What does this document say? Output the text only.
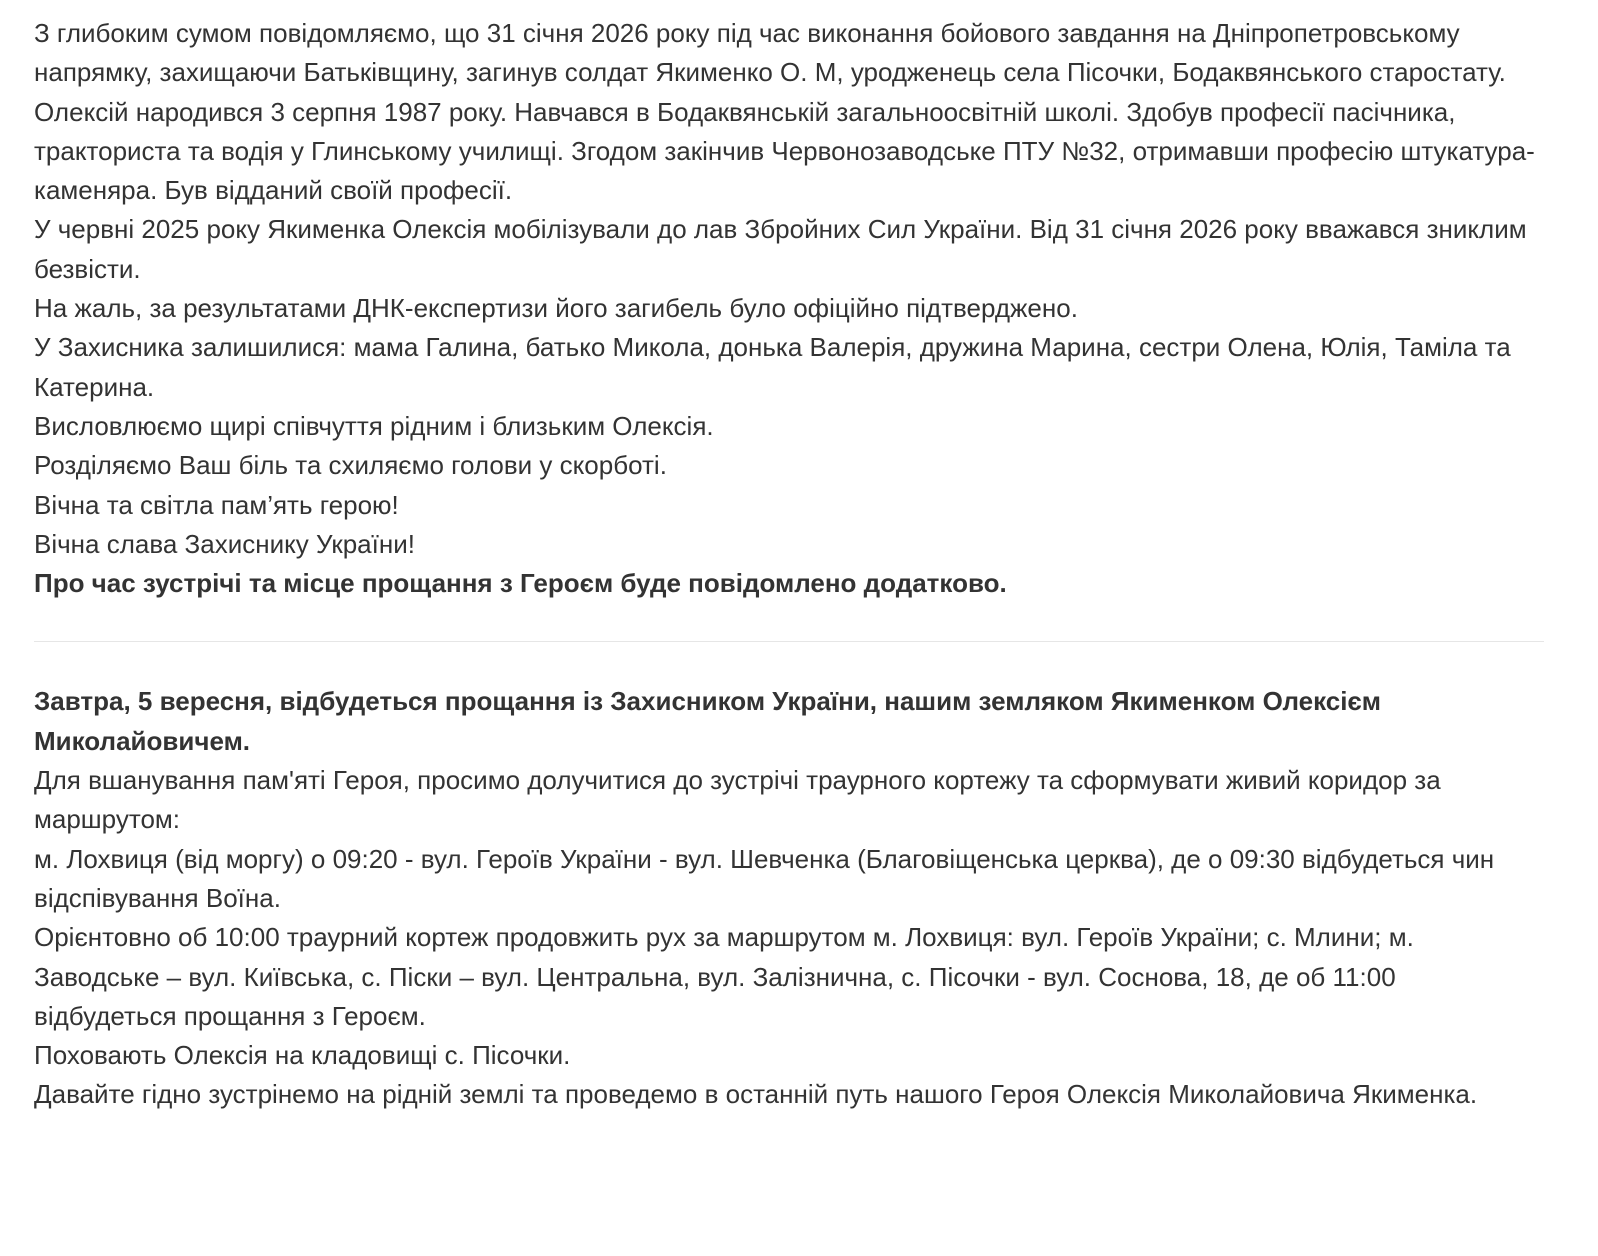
З глибоким сумом повідомляємо, що 31 січня 2026 року під час виконання бойового завдання на Дніпропетровському напрямку, захищаючи Батьківщину, загинув солдат Якименко О. М, уродженець села Пісочки, Бодаквянського старостату.

Олексій народився 3 серпня 1987 року. Навчався в Бодаквянській загальноосвітній школі. Здобув професії пасічника, тракториста та водія у Глинському училищі. Згодом закінчив Червонозаводське ПТУ №32, отримавши професію штукатура-каменяра. Був відданий своїй професії.

У червні 2025 року Якименка Олексія мобілізували до лав Збройних Сил України. Від 31 січня 2026 року вважався зниклим безвісти.

На жаль, за результатами ДНК-експертизи його загибель було офіційно підтверджено.

У Захисника залишилися: мама Галина, батько Микола, донька Валерія, дружина Марина, сестри Олена, Юлія, Таміла та Катерина.

Висловлюємо щирі співчуття рідним і близьким Олексія.

Розділяємо Ваш біль та схиляємо голови у скорботі.

Вічна та світла пам’ять герою!

Вічна слава Захиснику України!

Про час зустрічі та місце прощання з Героєм буде повідомлено додатково.

Завтра, 5 вересня, відбудеться прощання із Захисником України, нашим земляком Якименком Олексієм Миколайовичем.

Для вшанування пам'яті Героя, просимо долучитися до зустрічі траурного кортежу та сформувати живий коридор за маршрутом:

м. Лохвиця (від моргу) о 09:20 - вул. Героїв України - вул. Шевченка (Благовіщенська церква), де о 09:30 відбудеться чин відспівування Воїна.

Орієнтовно об 10:00 траурний кортеж продовжить рух за маршрутом м. Лохвиця: вул. Героїв України; с. Млини; м. Заводське – вул. Київська, с. Піски – вул. Центральна, вул. Залізнична, с. Пісочки - вул. Соснова, 18, де об 11:00 відбудеться прощання з Героєм.

Поховають Олексія на кладовищі с. Пісочки.

Давайте гідно зустрінемо на рідній землі та проведемо в останній путь нашого Героя Олексія Миколайовича Якименка.
